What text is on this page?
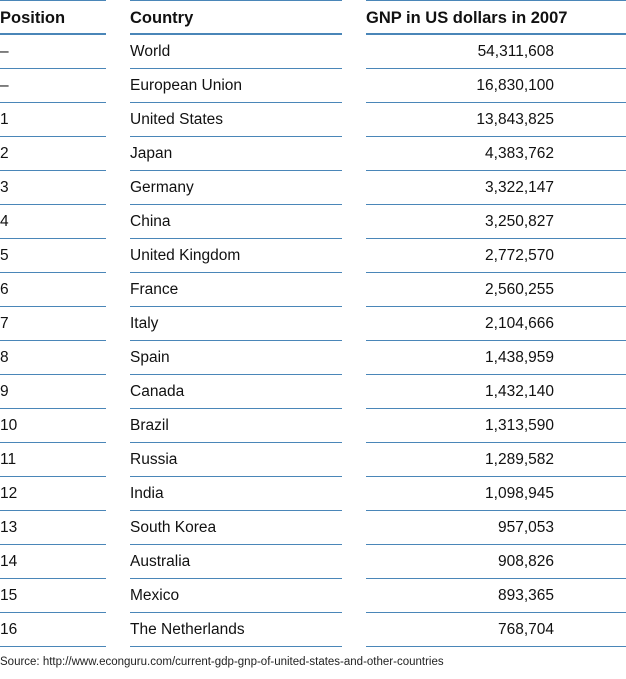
Position	Country	GNP in US dollars in 2007
–	World	54,311,608
–	European Union	16,830,100
1	United States	13,843,825
2	Japan	4,383,762
3	Germany	3,322,147
4	China	3,250,827
5	United Kingdom	2,772,570
6	France	2,560,255
7	Italy	2,104,666
8	Spain	1,438,959
9	Canada	1,432,140
10	Brazil	1,313,590
11	Russia	1,289,582
12	India	1,098,945
13	South Korea	957,053
14	Australia	908,826
15	Mexico	893,365
16	The Netherlands	768,704
Source: http://www.econguru.com/current-gdp-gnp-of-united-states-and-other-countries
